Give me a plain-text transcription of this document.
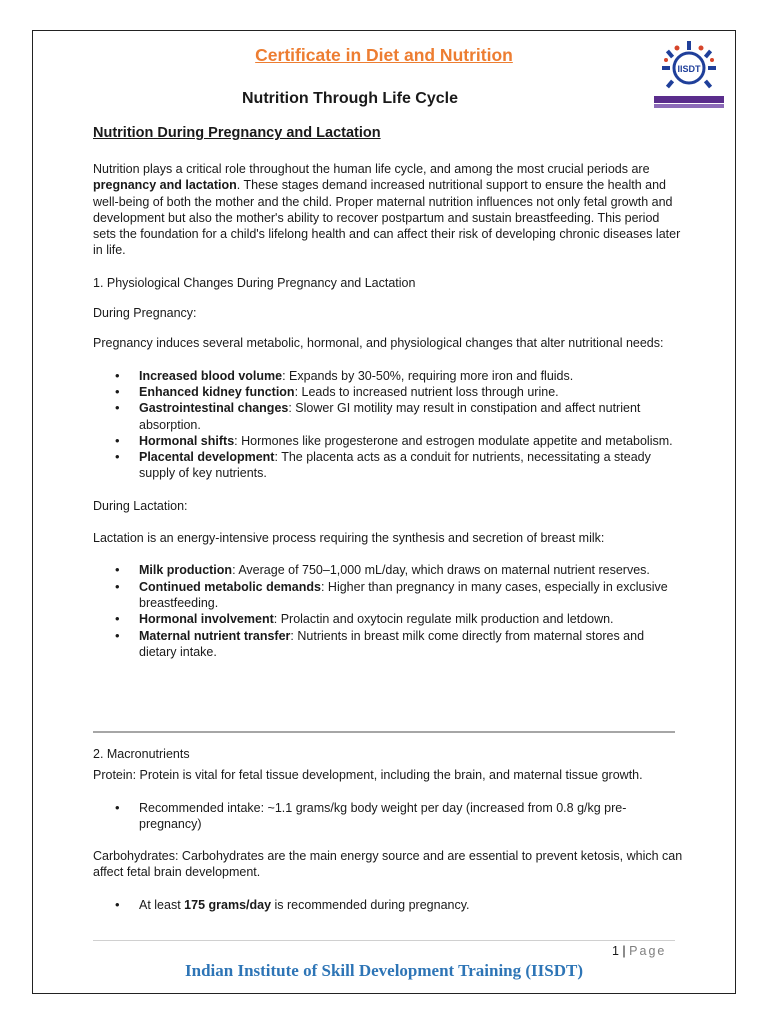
Certificate in Diet and Nutrition
IISDT
Nutrition Through Life Cycle
Nutrition During Pregnancy and Lactation

Nutrition plays a critical role throughout the human life cycle, and among the most crucial periods are pregnancy and lactation. These stages demand increased nutritional support to ensure the health and well-being of both the mother and the child. Proper maternal nutrition influences not only fetal growth and development but also the mother's ability to recover postpartum and sustain breastfeeding. This period sets the foundation for a child's lifelong health and can affect their risk of developing chronic diseases later in life.

1. Physiological Changes During Pregnancy and Lactation

During Pregnancy:

Pregnancy induces several metabolic, hormonal, and physiological changes that alter nutritional needs:

• Increased blood volume: Expands by 30-50%, requiring more iron and fluids.
• Enhanced kidney function: Leads to increased nutrient loss through urine.
• Gastrointestinal changes: Slower GI motility may result in constipation and affect nutrient absorption.
• Hormonal shifts: Hormones like progesterone and estrogen modulate appetite and metabolism.
• Placental development: The placenta acts as a conduit for nutrients, necessitating a steady supply of key nutrients.

During Lactation:

Lactation is an energy-intensive process requiring the synthesis and secretion of breast milk:

• Milk production: Average of 750–1,000 mL/day, which draws on maternal nutrient reserves.
• Continued metabolic demands: Higher than pregnancy in many cases, especially in exclusive breastfeeding.
• Hormonal involvement: Prolactin and oxytocin regulate milk production and letdown.
• Maternal nutrient transfer: Nutrients in breast milk come directly from maternal stores and dietary intake.

2. Macronutrients

Protein: Protein is vital for fetal tissue development, including the brain, and maternal tissue growth.

• Recommended intake: ~1.1 grams/kg body weight per day (increased from 0.8 g/kg pre-pregnancy)

Carbohydrates: Carbohydrates are the main energy source and are essential to prevent ketosis, which can affect fetal brain development.

• At least 175 grams/day is recommended during pregnancy.
1 | Page
Indian Institute of Skill Development Training (IISDT)
